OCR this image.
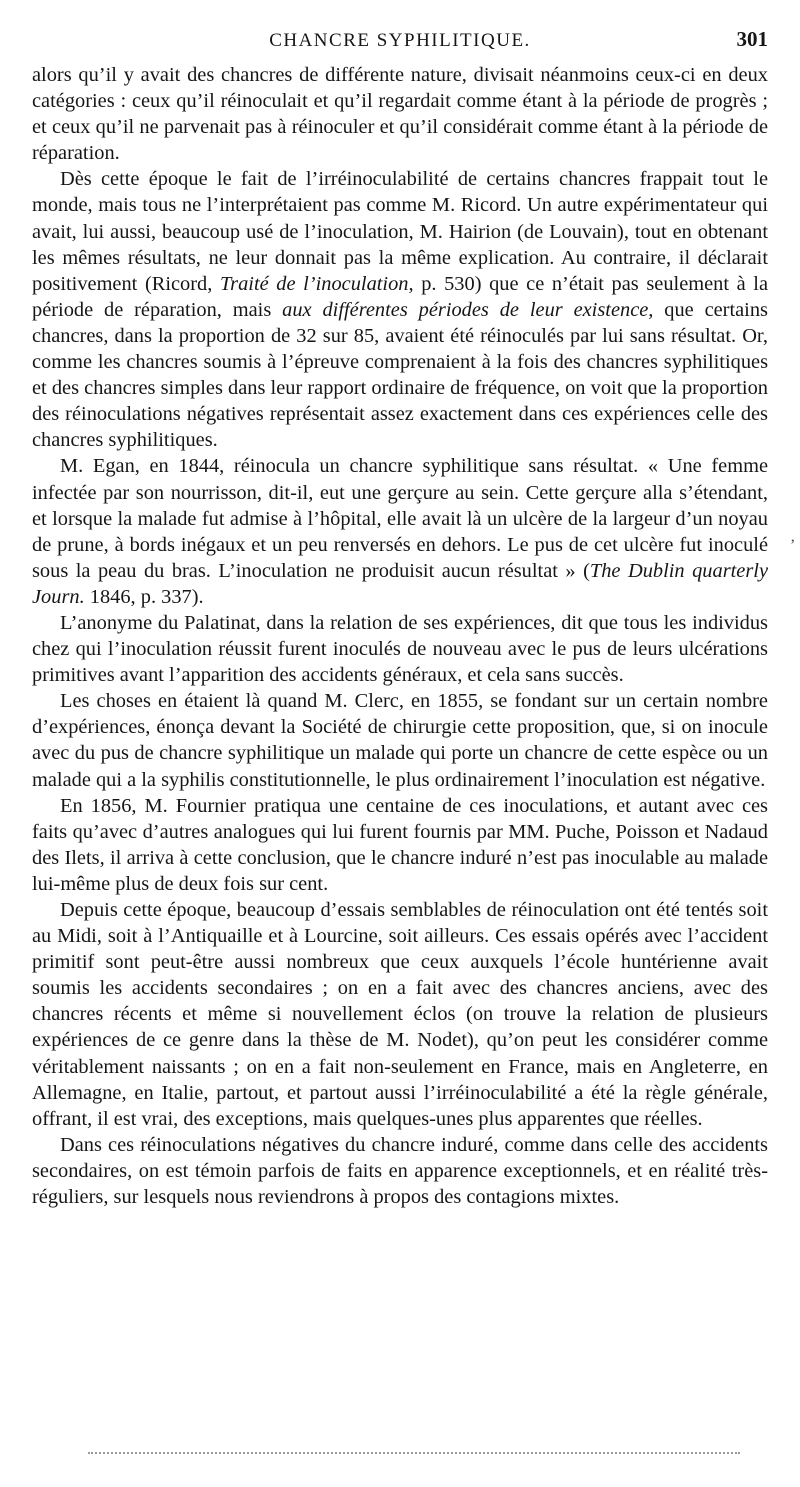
CHANCRE SYPHILITIQUE.	301

alors qu’il y avait des chancres de différente nature, divisait néanmoins ceux-ci en deux catégories : ceux qu’il réinoculait et qu’il regardait comme étant à la période de progrès ; et ceux qu’il ne parvenait pas à réinoculer et qu’il considérait comme étant à la période de réparation.

Dès cette époque le fait de l’irréinoculabilité de certains chancres frappait tout le monde, mais tous ne l’interprétaient pas comme M. Ricord. Un autre expérimentateur qui avait, lui aussi, beaucoup usé de l’inoculation, M. Hairion (de Louvain), tout en obtenant les mêmes résultats, ne leur donnait pas la même explication. Au contraire, il déclarait positivement (Ricord, Traité de l’inoculation, p. 530) que ce n’était pas seulement à la période de réparation, mais aux différentes périodes de leur existence, que certains chancres, dans la proportion de 32 sur 85, avaient été réinoculés par lui sans résultat. Or, comme les chancres soumis à l’épreuve comprenaient à la fois des chancres syphilitiques et des chancres simples dans leur rapport ordinaire de fréquence, on voit que la proportion des réinoculations négatives représentait assez exactement dans ces expériences celle des chancres syphilitiques.

M. Egan, en 1844, réinocula un chancre syphilitique sans résultat. « Une femme infectée par son nourrisson, dit-il, eut une gerçure au sein. Cette gerçure alla s’étendant, et lorsque la malade fut admise à l’hôpital, elle avait là un ulcère de la largeur d’un noyau de prune, à bords inégaux et un peu renversés en dehors. Le pus de cet ulcère fut inoculé sous la peau du bras. L’inoculation ne produisit aucun résultat » (The Dublin quarterly Journ. 1846, p. 337).

L’anonyme du Palatinat, dans la relation de ses expériences, dit que tous les individus chez qui l’inoculation réussit furent inoculés de nouveau avec le pus de leurs ulcérations primitives avant l’apparition des accidents généraux, et cela sans succès.

Les choses en étaient là quand M. Clerc, en 1855, se fondant sur un certain nombre d’expériences, énonça devant la Société de chirurgie cette proposition, que, si on inocule avec du pus de chancre syphilitique un malade qui porte un chancre de cette espèce ou un malade qui a la syphilis constitutionnelle, le plus ordinairement l’inoculation est négative.

En 1856, M. Fournier pratiqua une centaine de ces inoculations, et autant avec ces faits qu’avec d’autres analogues qui lui furent fournis par MM. Puche, Poisson et Nadaud des Ilets, il arriva à cette conclusion, que le chancre induré n’est pas inoculable au malade lui-même plus de deux fois sur cent.

Depuis cette époque, beaucoup d’essais semblables de réinoculation ont été tentés soit au Midi, soit à l’Antiquaille et à Lourcine, soit ailleurs. Ces essais opérés avec l’accident primitif sont peut-être aussi nombreux que ceux auxquels l’école huntérienne avait soumis les accidents secondaires ; on en a fait avec des chancres anciens, avec des chancres récents et même si nouvellement éclos (on trouve la relation de plusieurs expériences de ce genre dans la thèse de M. Nodet), qu’on peut les considérer comme véritablement naissants ; on en a fait non-seulement en France, mais en Angleterre, en Allemagne, en Italie, partout, et partout aussi l’irréinoculabilité a été la règle générale, offrant, il est vrai, des exceptions, mais quelques-unes plus apparentes que réelles.

Dans ces réinoculations négatives du chancre induré, comme dans celle des accidents secondaires, on est témoin parfois de faits en apparence exceptionnels, et en réalité très-réguliers, sur lesquels nous reviendrons à propos des contagions mixtes.

‚
